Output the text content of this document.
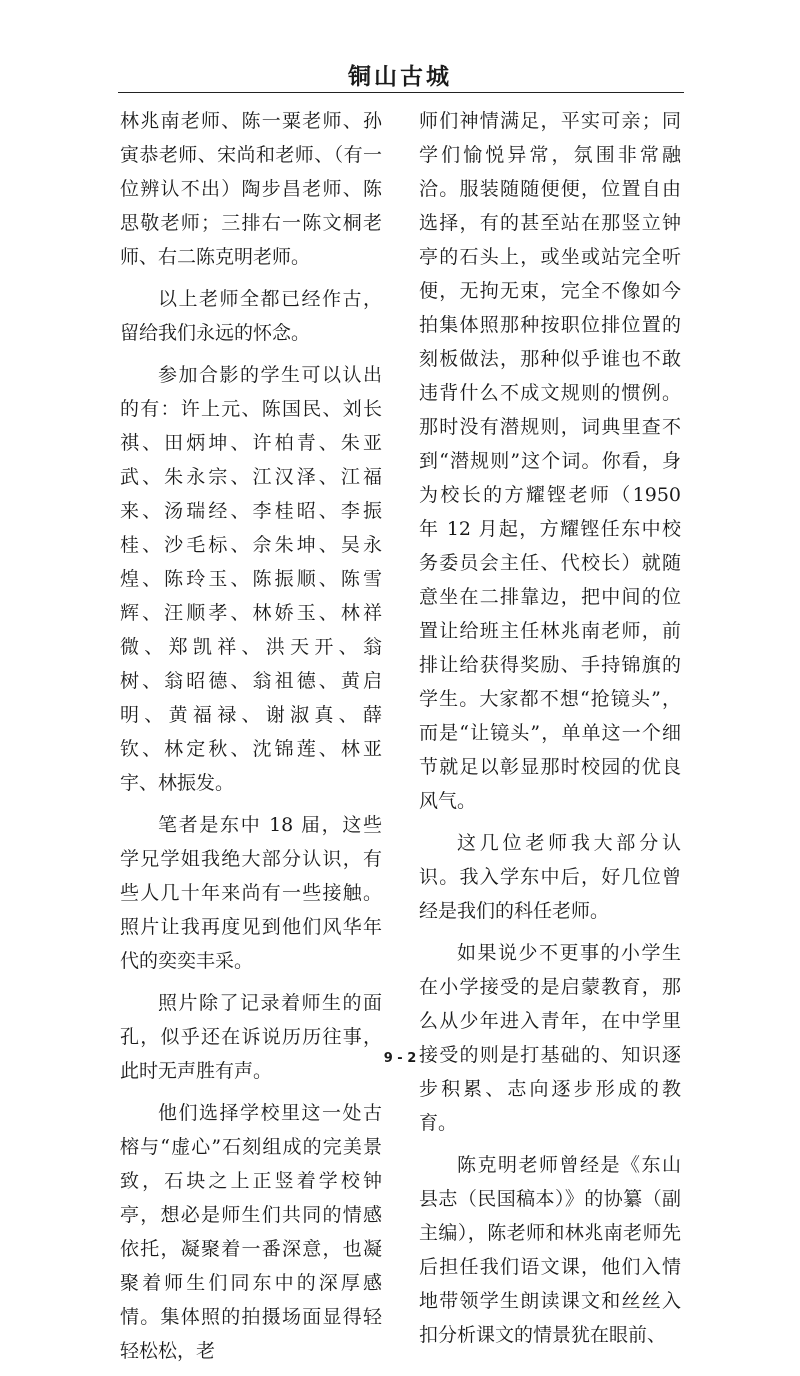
铜山古城

林兆南老师、陈一粟老师、孙寅恭老师、宋尚和老师、（有一位辨认不出）陶步昌老师、陈思敬老师；三排右一陈文桐老师、右二陈克明老师。

以上老师全都已经作古，留给我们永远的怀念。

参加合影的学生可以认出的有：许上元、陈国民、刘长祺、田炳坤、许柏青、朱亚武、朱永宗、江汉泽、江福来、汤瑞经、李桂昭、李振桂、沙毛标、佘朱坤、吴永煌、陈玲玉、陈振顺、陈雪辉、汪顺孝、林娇玉、林祥微、郑凯祥、洪天开、翁　树、翁昭德、翁祖德、黄启明、黄福禄、谢淑真、薛　钦、林定秋、沈锦莲、林亚宇、林振发。

笔者是东中 18 届，这些学兄学姐我绝大部分认识，有些人几十年来尚有一些接触。照片让我再度见到他们风华年代的奕奕丰采。

照片除了记录着师生的面孔，似乎还在诉说历历往事，此时无声胜有声。

他们选择学校里这一处古榕与“虚心”石刻组成的完美景致，石块之上正竖着学校钟亭，想必是师生们共同的情感依托，凝聚着一番深意，也凝聚着师生们同东中的深厚感情。集体照的拍摄场面显得轻轻松松，老

师们神情满足，平实可亲；同学们愉悦异常，氛围非常融洽。服装随随便便，位置自由选择，有的甚至站在那竖立钟亭的石头上，或坐或站完全听便，无拘无束，完全不像如今拍集体照那种按职位排位置的刻板做法，那种似乎谁也不敢违背什么不成文规则的惯例。那时没有潜规则，词典里查不到“潜规则”这个词。你看，身为校长的方耀铿老师（1950 年 12 月起，方耀铿任东中校务委员会主任、代校长）就随意坐在二排靠边，把中间的位置让给班主任林兆南老师，前排让给获得奖励、手持锦旗的学生。大家都不想“抢镜头”，而是“让镜头”，单单这一个细节就足以彰显那时校园的优良风气。

这几位老师我大部分认识。我入学东中后，好几位曾经是我们的科任老师。

如果说少不更事的小学生在小学接受的是启蒙教育，那么从少年进入青年，在中学里接受的则是打基础的、知识逐步积累、志向逐步形成的教育。

陈克明老师曾经是《东山县志（民国稿本）》的协纂（副主编），陈老师和林兆南老师先后担任我们语文课，他们入情地带领学生朗读课文和丝丝入扣分析课文的情景犹在眼前、

9 - 2
